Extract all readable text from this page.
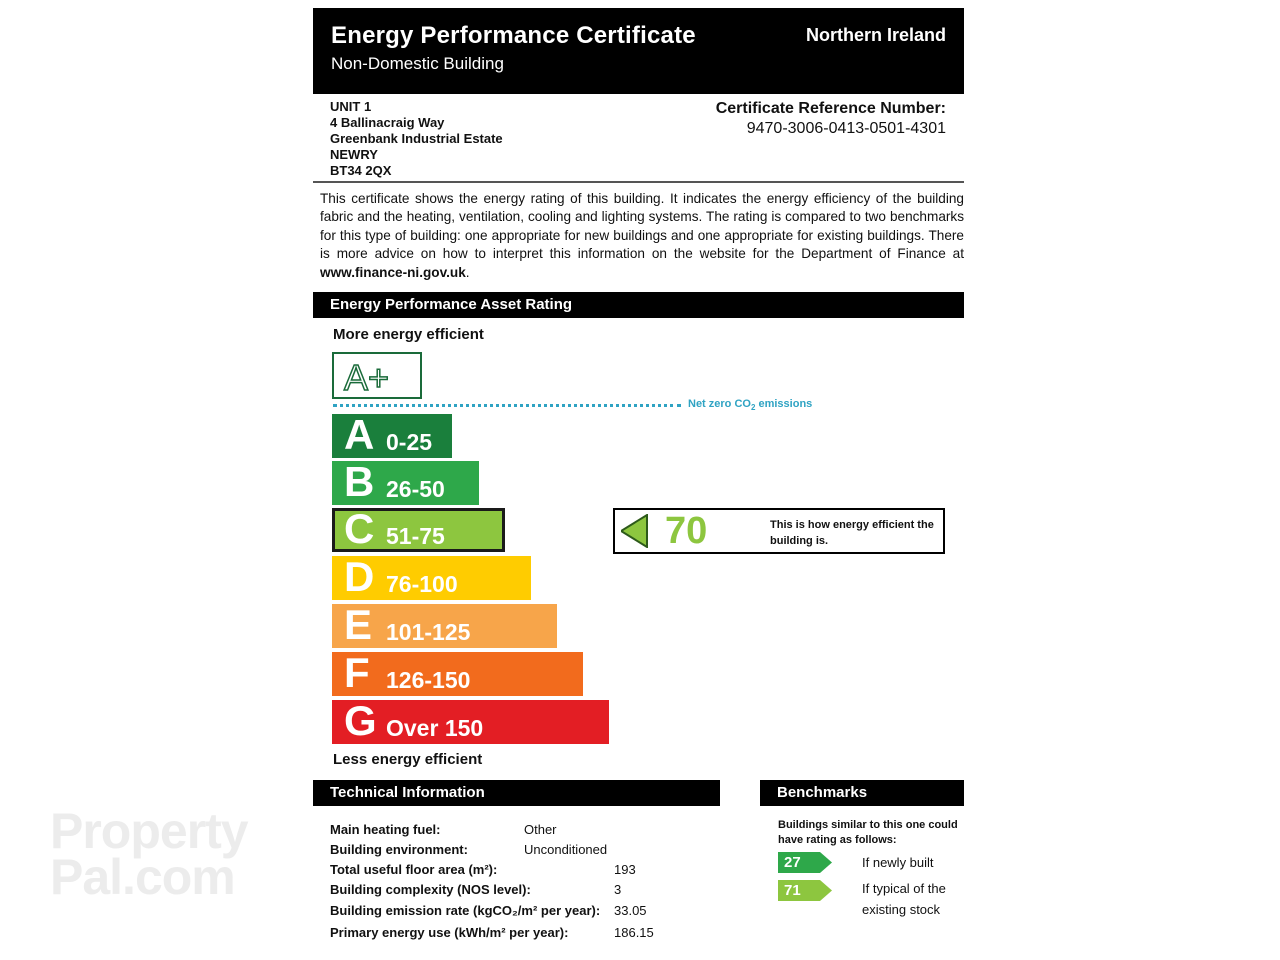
Energy Performance Certificate
Non-Domestic Building
Northern Ireland
UNIT 1
4 Ballinacraig Way
Greenbank Industrial Estate
NEWRY
BT34 2QX
Certificate Reference Number:
9470-3006-0413-0501-4301
This certificate shows the energy rating of this building. It indicates the energy efficiency of the building fabric and the heating, ventilation, cooling and lighting systems. The rating is compared to two benchmarks for this type of building: one appropriate for new buildings and one appropriate for existing buildings. There is more advice on how to interpret this information on the website for the Department of Finance at www.finance-ni.gov.uk.
Energy Performance Asset Rating
More energy efficient
A+
Net zero $CO_2$ emissions
A 0-25
B 26-50
C 51-75
D 76-100
E 101-125
F 126-150
G Over 150
Less energy efficient
70	This is how energy efficient the building is.
Technical Information
Main heating fuel:	Other
Building environment:	Unconditioned
Total useful floor area (m²):	193
Building complexity (NOS level):	3
Building emission rate (kgCO₂/m² per year): 33.05
Primary energy use (kWh/m² per year):	186.15
Benchmarks
Buildings similar to this one could have rating as follows:
27	If newly built
71	If typical of the existing stock
Property
Pal.com
